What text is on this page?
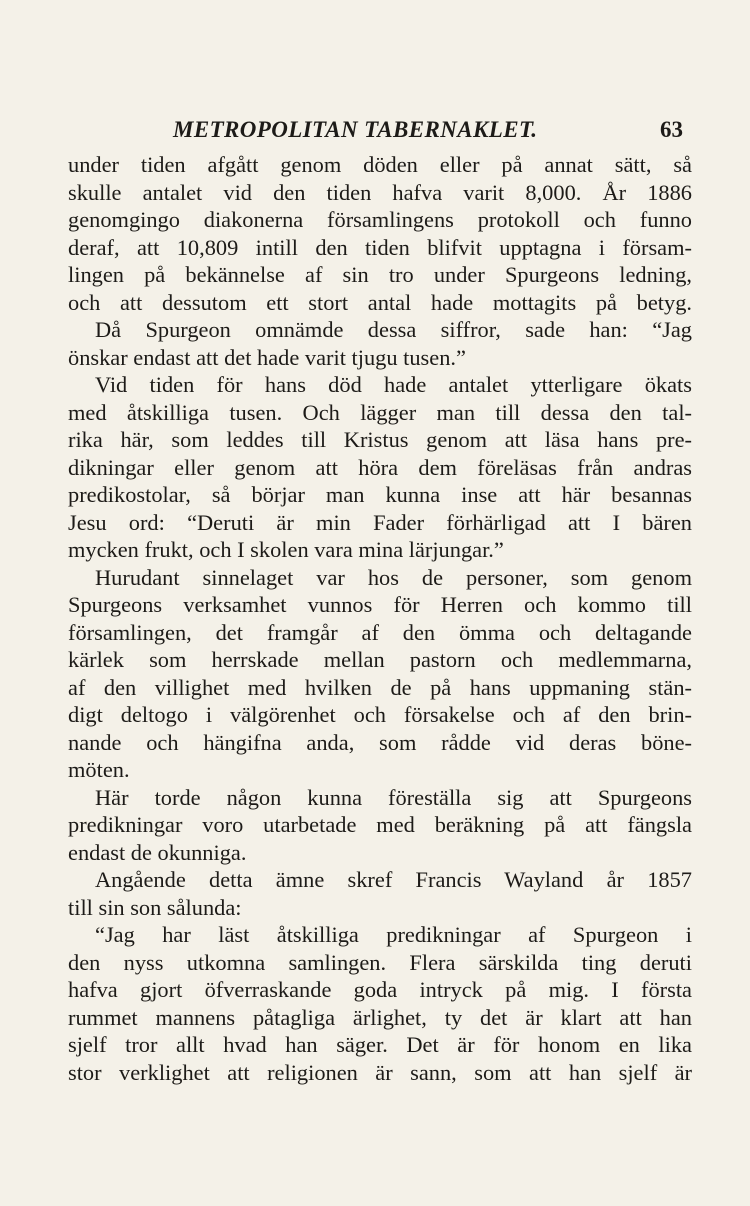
METROPOLITAN TABERNAKLET.	63
under tiden afgått genom döden eller på annat sätt, så
skulle antalet vid den tiden hafva varit 8,000. År 1886
genomgingo diakonerna församlingens protokoll och funno
deraf, att 10,809 intill den tiden blifvit upptagna i försam-
lingen på bekännelse af sin tro under Spurgeons ledning,
och att dessutom ett stort antal hade mottagits på betyg.
Då Spurgeon omnämde dessa siffror, sade han: “Jag
önskar endast att det hade varit tjugu tusen.”
Vid tiden för hans död hade antalet ytterligare ökats
med åtskilliga tusen. Och lägger man till dessa den tal-
rika här, som leddes till Kristus genom att läsa hans pre-
dikningar eller genom att höra dem föreläsas från andras
predikostolar, så börjar man kunna inse att här besannas
Jesu ord: “Deruti är min Fader förhärligad att I bären
mycken frukt, och I skolen vara mina lärjungar.”
Hurudant sinnelaget var hos de personer, som genom
Spurgeons verksamhet vunnos för Herren och kommo till
församlingen, det framgår af den ömma och deltagande
kärlek som herrskade mellan pastorn och medlemmarna,
af den villighet med hvilken de på hans uppmaning stän-
digt deltogo i välgörenhet och försakelse och af den brin-
nande och hängifna anda, som rådde vid deras böne-
möten.
Här torde någon kunna föreställa sig att Spurgeons
predikningar voro utarbetade med beräkning på att fängsla
endast de okunniga.
Angående detta ämne skref Francis Wayland år 1857
till sin son sålunda:
“Jag har läst åtskilliga predikningar af Spurgeon i
den nyss utkomna samlingen. Flera särskilda ting deruti
hafva gjort öfverraskande goda intryck på mig. I första
rummet mannens påtagliga ärlighet, ty det är klart att han
sjelf tror allt hvad han säger. Det är för honom en lika
stor verklighet att religionen är sann, som att han sjelf är
